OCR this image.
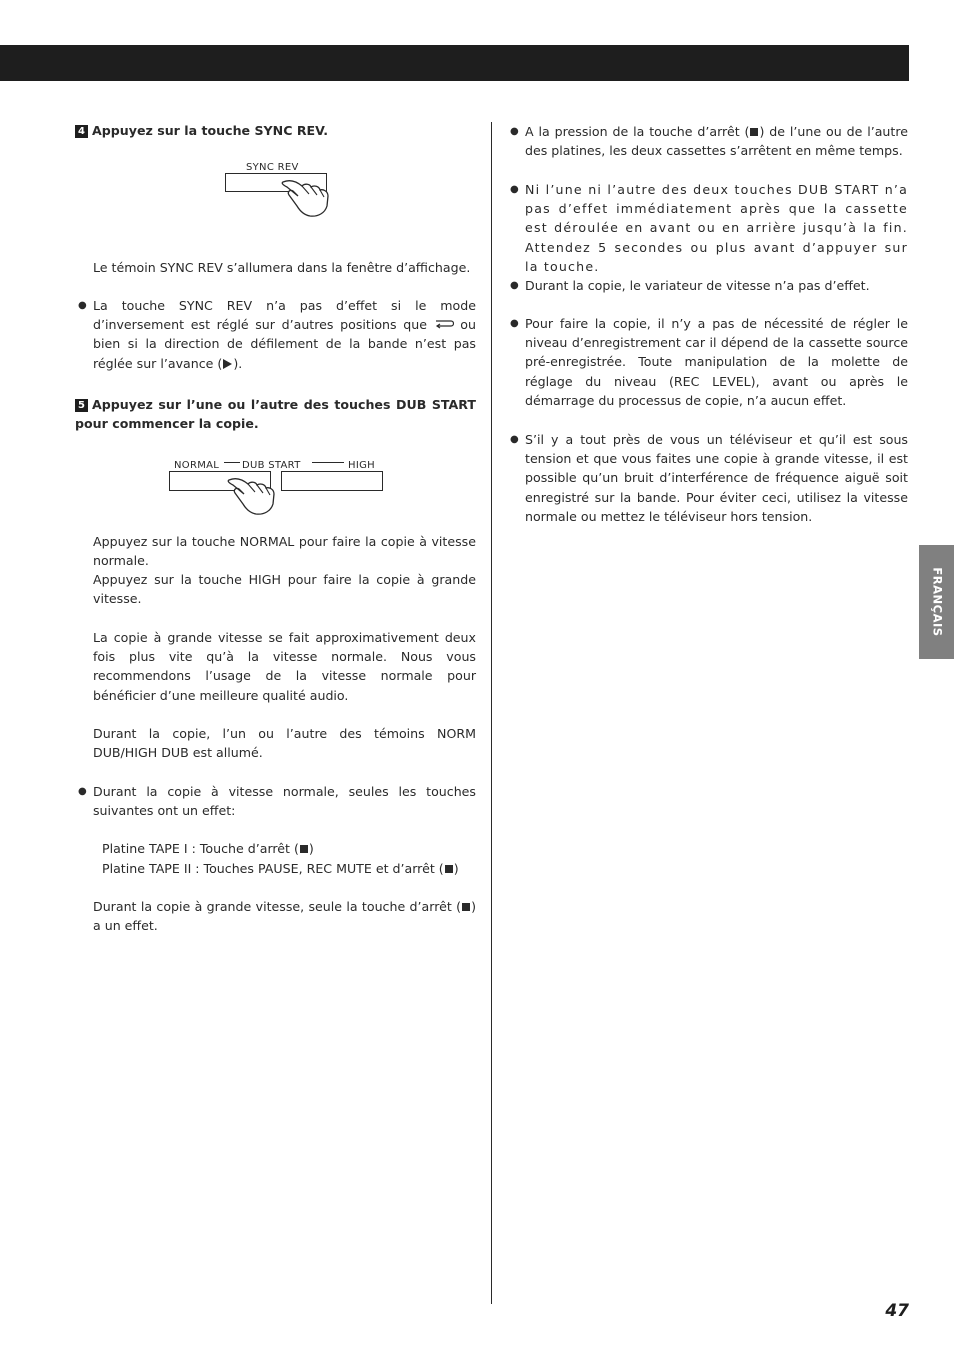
4 Appuyez sur la touche SYNC REV.
SYNC REV
Le témoin SYNC REV s’allumera dans la fenêtre d’affichage.
● La touche SYNC REV n’a pas d’effet si le mode d’inversement est réglé sur d’autres positions que	ou bien si la direction de défilement de la bande n’est pas réglée sur l’avance ( ).
5 Appuyez sur l’une ou l’autre des touches DUB START pour commencer la copie.
NORMAL DUB START	HIGH
Appuyez sur la touche NORMAL pour faire la copie à vitesse normale.
Appuyez sur la touche HIGH pour faire la copie à grande vitesse.
La copie à grande vitesse se fait approximativement deux fois plus vite qu’à la vitesse normale. Nous vous recommendons l’usage de la vitesse normale pour bénéficier d’une meilleure qualité audio.
Durant la copie, l’un ou l’autre des témoins NORM DUB/HIGH DUB est allumé.
● Durant la copie à vitesse normale, seules les touches suivantes ont un effet:
Platine TAPE I : Touche d’arrêt ( )
Platine TAPE II : Touches PAUSE, REC MUTE et d’arrêt ( )
Durant la copie à grande vitesse, seule la touche d’arrêt ( ) a un effet.
● A la pression de la touche d’arrêt ( ) de l’une ou de l’autre des platines, les deux cassettes s’arrêtent en même temps.
● Ni l’une ni l’autre des deux touches DUB START n’a pas d’effet immédiatement après que la cassette est déroulée en avant ou en arrière jusqu’à la fin. Attendez 5 secondes ou plus avant d’appuyer sur la touche.
● Durant la copie, le variateur de vitesse n’a pas d’effet.
● Pour faire la copie, il n’y a pas de nécessité de régler le niveau d’enregistrement car il dépend de la cassette source pré-enregistrée. Toute manipulation de la molette de réglage du niveau (REC LEVEL), avant ou après le démarrage du processus de copie, n’a aucun effet.
● S’il y a tout près de vous un téléviseur et qu’il est sous tension et que vous faites une copie à grande vitesse, il est possible qu’un bruit d’interférence de fréquence aiguë soit enregistré sur la bande. Pour éviter ceci, utilisez la vitesse normale ou mettez le téléviseur hors tension.
FRANÇAIS
47
